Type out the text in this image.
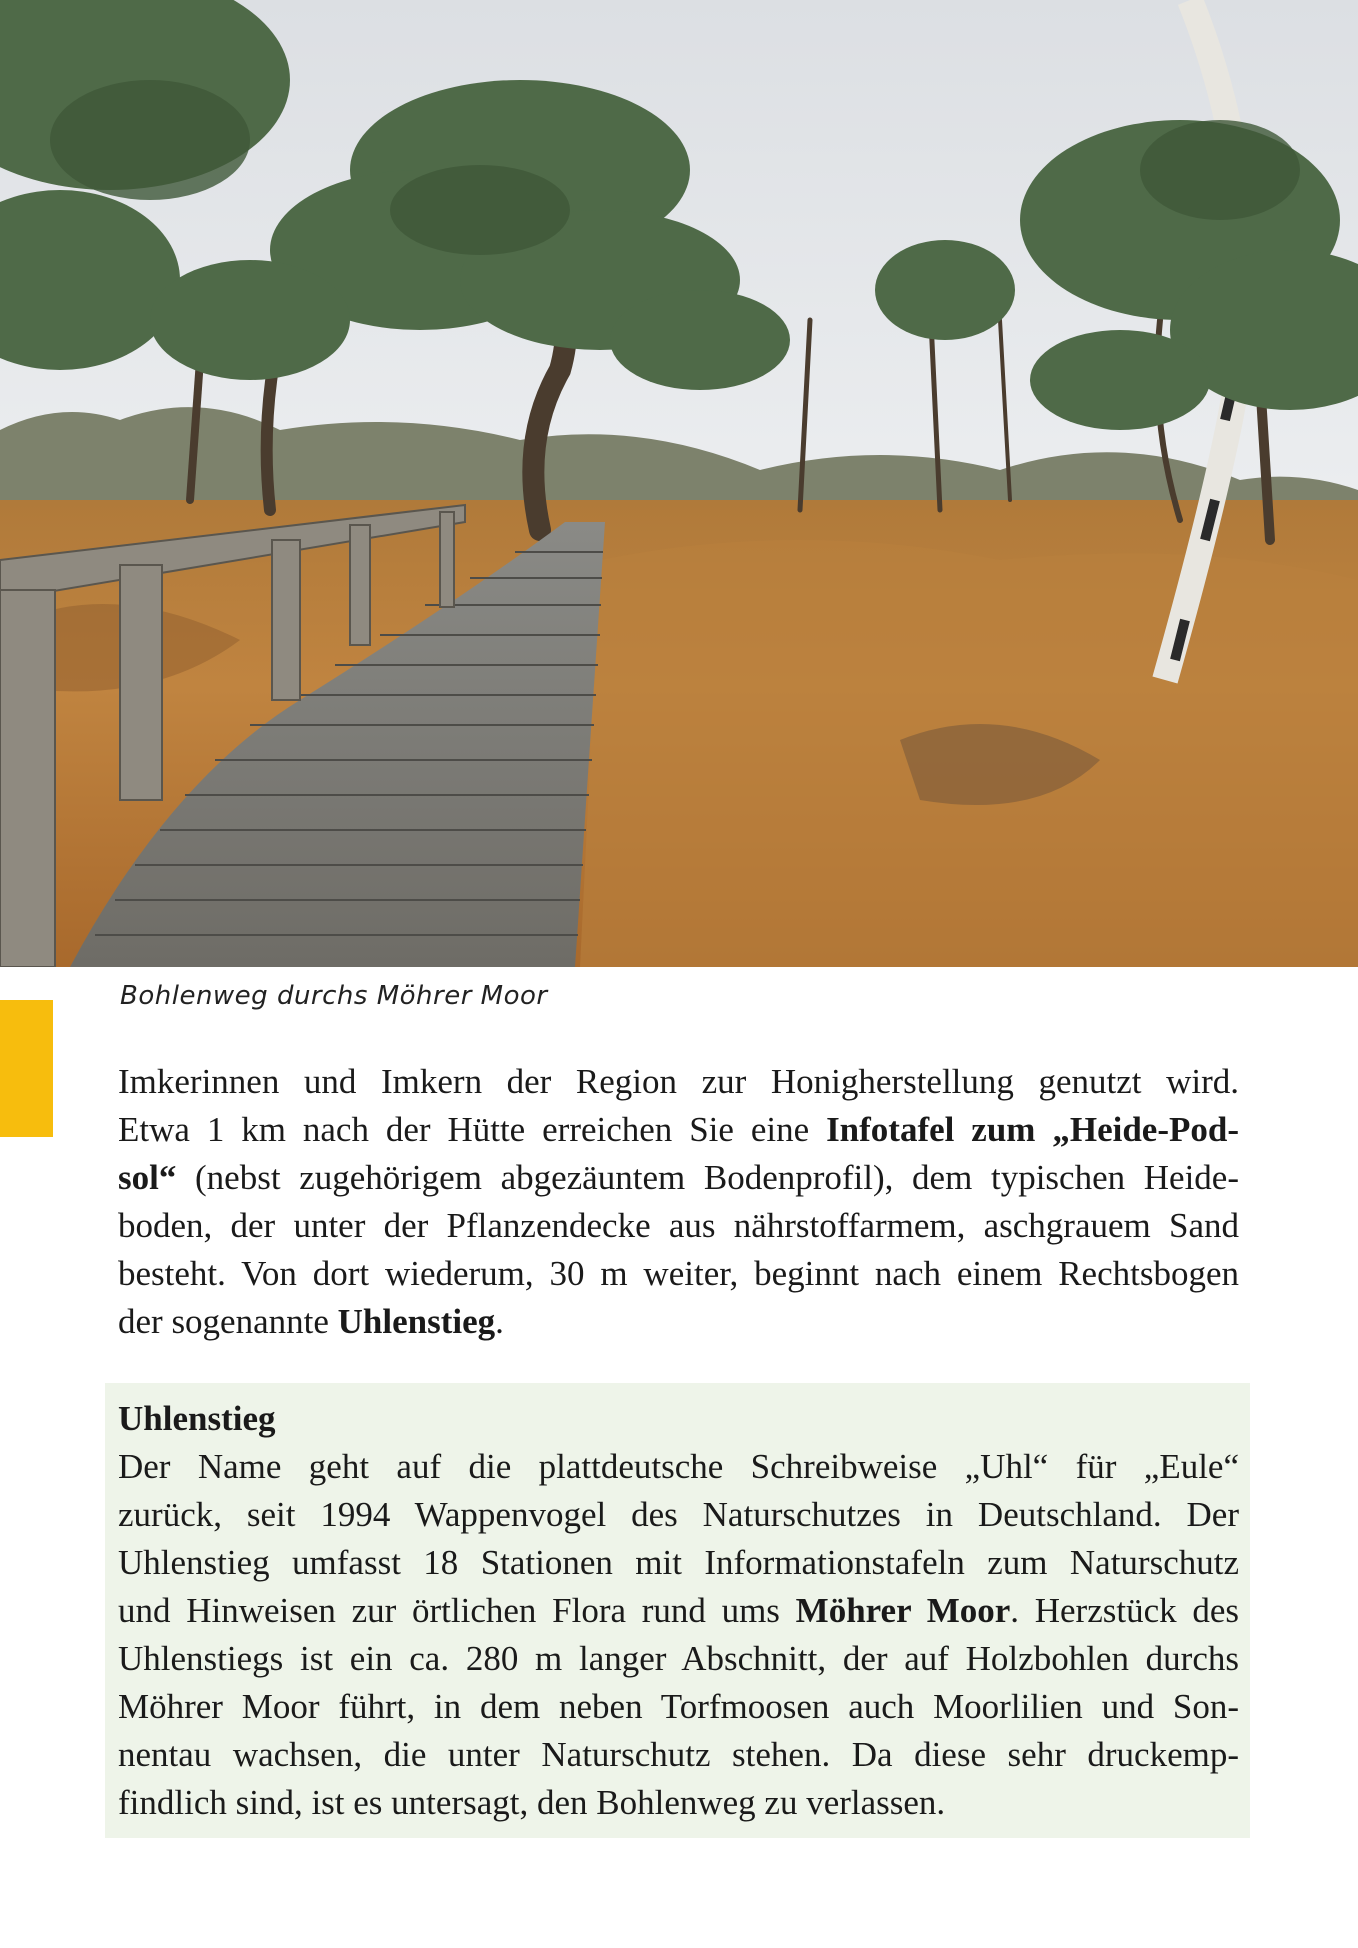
Bohlenweg durchs Möhrer Moor
Imkerinnen und Imkern der Region zur Honigherstellung genutzt wird.
Etwa 1 km nach der Hütte erreichen Sie eine Infotafel zum „Heide-Pod-
sol“ (nebst zugehörigem abgezäuntem Bodenprofil), dem typischen Heide-
boden, der unter der Pflanzendecke aus nährstoffarmem, aschgrauem Sand
besteht. Von dort wiederum, 30 m weiter, beginnt nach einem Rechtsbogen
der sogenannte Uhlenstieg.
Uhlenstieg
Der Name geht auf die plattdeutsche Schreibweise „Uhl“ für „Eule“
zurück, seit 1994 Wappenvogel des Naturschutzes in Deutschland. Der
Uhlenstieg umfasst 18 Stationen mit Informationstafeln zum Naturschutz
und Hinweisen zur örtlichen Flora rund ums Möhrer Moor. Herzstück des
Uhlenstiegs ist ein ca. 280 m langer Abschnitt, der auf Holzbohlen durchs
Möhrer Moor führt, in dem neben Torfmoosen auch Moorlilien und Son-
nentau wachsen, die unter Naturschutz stehen. Da diese sehr druckemp-
findlich sind, ist es untersagt, den Bohlenweg zu verlassen.
